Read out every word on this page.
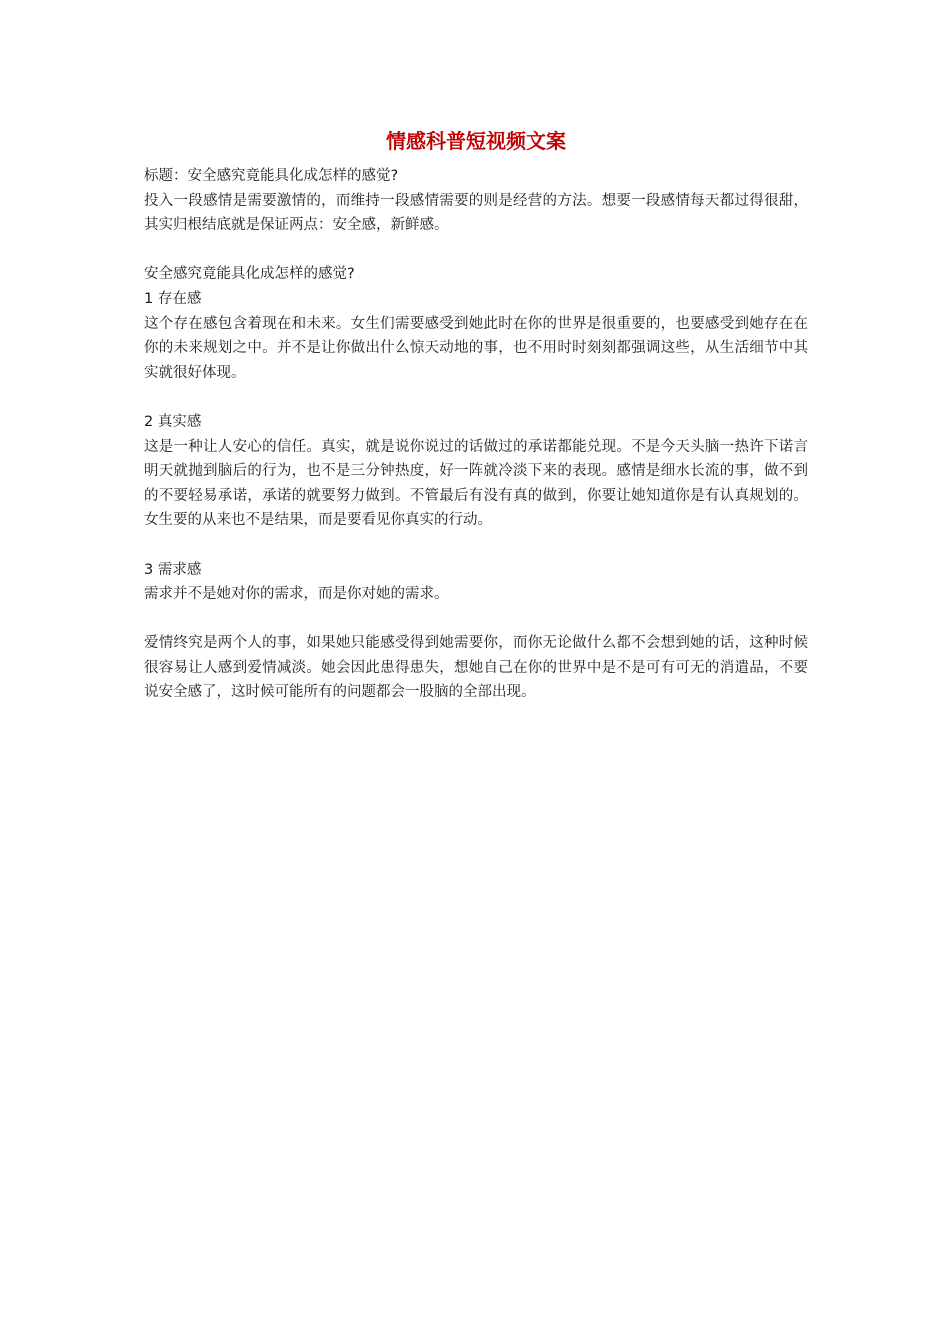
情感科普短视频文案

标题：安全感究竟能具化成怎样的感觉?

投入一段感情是需要激情的，而维持一段感情需要的则是经营的方法。想要一段感情每天都过得很甜，其实归根结底就是保证两点：安全感，新鲜感。

安全感究竟能具化成怎样的感觉?

1 存在感

这个存在感包含着现在和未来。女生们需要感受到她此时在你的世界是很重要的，也要感受到她存在在你的未来规划之中。并不是让你做出什么惊天动地的事，也不用时时刻刻都强调这些，从生活细节中其实就很好体现。

2 真实感

这是一种让人安心的信任。真实，就是说你说过的话做过的承诺都能兑现。不是今天头脑一热许下诺言明天就抛到脑后的行为，也不是三分钟热度，好一阵就冷淡下来的表现。感情是细水长流的事，做不到的不要轻易承诺，承诺的就要努力做到。不管最后有没有真的做到，你要让她知道你是有认真规划的。女生要的从来也不是结果，而是要看见你真实的行动。

3 需求感

需求并不是她对你的需求，而是你对她的需求。

爱情终究是两个人的事，如果她只能感受得到她需要你，而你无论做什么都不会想到她的话，这种时候很容易让人感到爱情减淡。她会因此患得患失，想她自己在你的世界中是不是可有可无的消遣品，不要说安全感了，这时候可能所有的问题都会一股脑的全部出现。
